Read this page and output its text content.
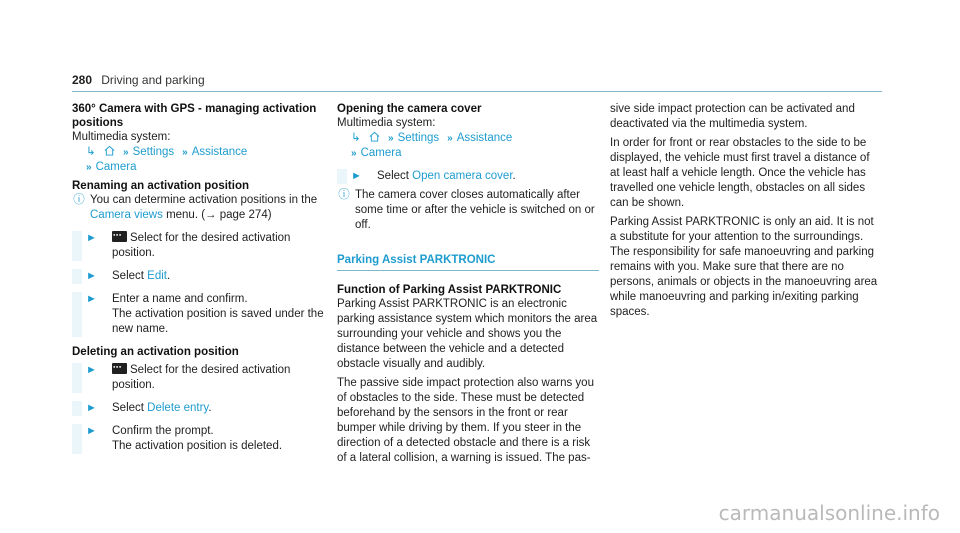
280 Driving and parking

360° Camera with GPS - managing activation positions

Multimedia system:

↳	» Settings » Assistance
» Camera

Renaming an activation position

ⓘ You can determine activation positions in the
Camera views menu. (→ page 274)

► ●●●	Select for the desired activation position.

► Select Edit.

► Enter a name and confirm.
The activation position is saved under the new name.

Deleting an activation position

► ●●●	Select for the desired activation position.

► Select Delete entry.

► Confirm the prompt.
The activation position is deleted.

Opening the camera cover

Multimedia system:

↳	» Settings » Assistance
» Camera
► Select Open camera cover.

ⓘ The camera cover closes automatically after some time or after the vehicle is switched on or off.

Parking Assist PARKTRONIC

Function of Parking Assist PARKTRONIC

Parking Assist PARKTRONIC is an electronic parking assistance system which monitors the area surrounding your vehicle and shows you the distance between the vehicle and a detected obstacle visually and audibly.

The passive side impact protection also warns you of obstacles to the side. These must be detected beforehand by the sensors in the front or rear bumper while driving by them. If you steer in the direction of a detected obstacle and there is a risk of a lateral collision, a warning is issued. The pas-

sive side impact protection can be activated and deactivated via the multimedia system.

In order for front or rear obstacles to the side to be displayed, the vehicle must first travel a distance of at least half a vehicle length. Once the vehicle has travelled one vehicle length, obstacles on all sides can be shown.

Parking Assist PARKTRONIC is only an aid. It is not a substitute for your attention to the surroundings. The responsibility for safe manoeuvring and parking remains with you. Make sure that there are no persons, animals or objects in the manoeuvring area while manoeuvring and parking in/exiting parking spaces.

carmanualsonline.info
